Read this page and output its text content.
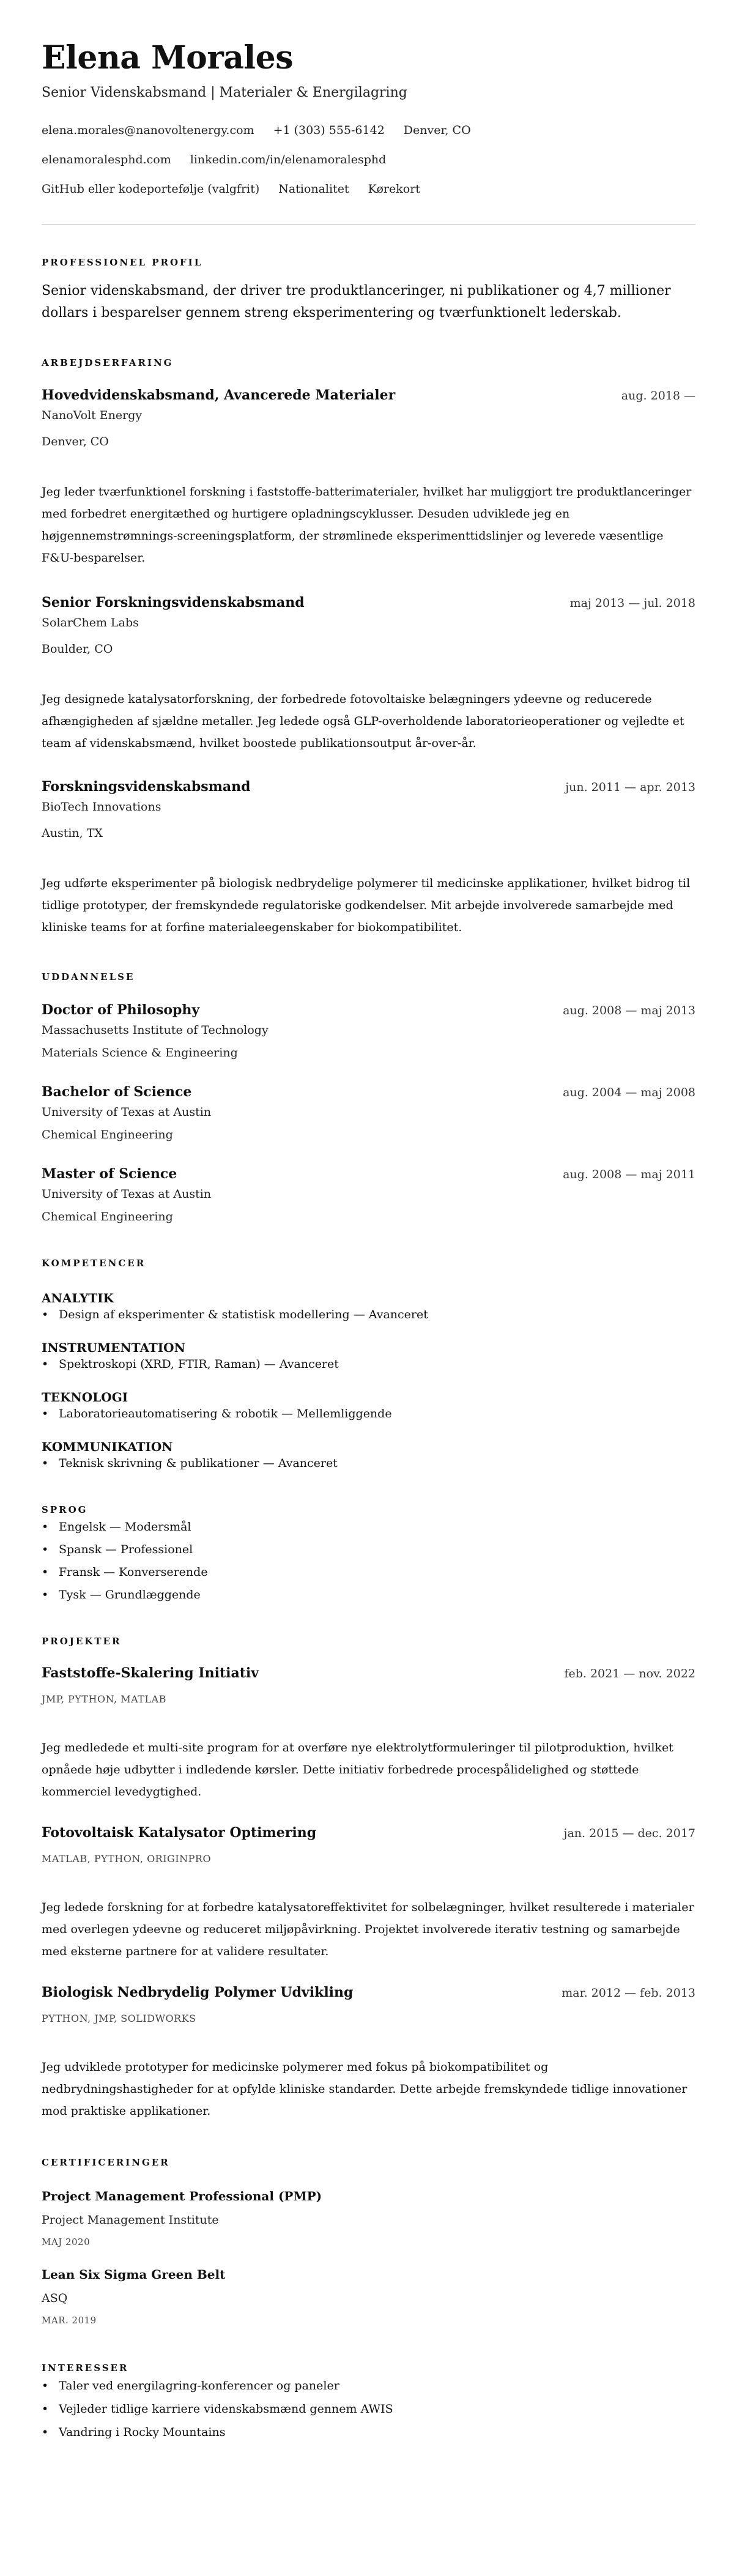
Elena Morales
Senior Videnskabsmand | Materialer & Energilagring
elena.morales@nanovoltenergy.com +1 (303) 555-6142 Denver, CO
elenamoralesphd.com linkedin.com/in/elenamoralesphd
GitHub eller kodeportefølje (valgfrit) Nationalitet Kørekort
PROFESSIONEL PROFIL

Senior videnskabsmand, der driver tre produktlanceringer, ni publikationer og 4,7 millioner dollars i besparelser gennem streng eksperimentering og tværfunktionelt lederskab.

ARBEJDSERFARING
Hovedvidenskabsmand, Avancerede Materialer	aug. 2018 —
NanoVolt Energy
Denver, CO
Jeg leder tværfunktionel forskning i faststoffe-batterimaterialer, hvilket har muliggjort tre produktlanceringer med forbedret energitæthed og hurtigere opladningscyklusser. Desuden udviklede jeg en højgennemstrømnings-screeningsplatform, der strømlinede eksperimenttidslinjer og leverede væsentlige F&U-besparelser.
Senior Forskningsvidenskabsmand	maj 2013 — jul. 2018
SolarChem Labs
Boulder, CO
Jeg designede katalysatorforskning, der forbedrede fotovoltaiske belægningers ydeevne og reducerede afhængigheden af sjældne metaller. Jeg ledede også GLP-overholdende laboratorieoperationer og vejledte et team af videnskabsmænd, hvilket boostede publikationsoutput år-over-år.
Forskningsvidenskabsmand	jun. 2011 — apr. 2013
BioTech Innovations
Austin, TX
Jeg udførte eksperimenter på biologisk nedbrydelige polymerer til medicinske applikationer, hvilket bidrog til tidlige prototyper, der fremskyndede regulatoriske godkendelser. Mit arbejde involverede samarbejde med kliniske teams for at forfine materialeegenskaber for biokompatibilitet.
UDDANNELSE
Doctor of Philosophy	aug. 2008 — maj 2013
Massachusetts Institute of Technology
Materials Science & Engineering
Bachelor of Science	aug. 2004 — maj 2008
University of Texas at Austin
Chemical Engineering
Master of Science	aug. 2008 — maj 2011
University of Texas at Austin
Chemical Engineering
KOMPETENCER
ANALYTIK
• Design af eksperimenter & statistisk modellering — Avanceret
INSTRUMENTATION
• Spektroskopi (XRD, FTIR, Raman) — Avanceret
TEKNOLOGI
• Laboratorieautomatisering & robotik — Mellemliggende
KOMMUNIKATION
• Teknisk skrivning & publikationer — Avanceret
SPROG
• Engelsk — Modersmål
• Spansk — Professionel
• Fransk — Konverserende
• Tysk — Grundlæggende
PROJEKTER
Faststoffe-Skalering Initiativ	feb. 2021 — nov. 2022
JMP, PYTHON, MATLAB
Jeg medledede et multi-site program for at overføre nye elektrolytformuleringer til pilotproduktion, hvilket opnåede høje udbytter i indledende kørsler. Dette initiativ forbedrede procespålidelighed og støttede kommerciel levedygtighed.
Fotovoltaisk Katalysator Optimering	jan. 2015 — dec. 2017
MATLAB, PYTHON, ORIGINPRO
Jeg ledede forskning for at forbedre katalysatoreffektivitet for solbelægninger, hvilket resulterede i materialer med overlegen ydeevne og reduceret miljøpåvirkning. Projektet involverede iterativ testning og samarbejde med eksterne partnere for at validere resultater.
Biologisk Nedbrydelig Polymer Udvikling	mar. 2012 — feb. 2013
PYTHON, JMP, SOLIDWORKS
Jeg udviklede prototyper for medicinske polymerer med fokus på biokompatibilitet og nedbrydningshastigheder for at opfylde kliniske standarder. Dette arbejde fremskyndede tidlige innovationer mod praktiske applikationer.
CERTIFICERINGER
Project Management Professional (PMP)
Project Management Institute
MAJ 2020
Lean Six Sigma Green Belt
ASQ
MAR. 2019
INTERESSER
• Taler ved energilagring-konferencer og paneler
• Vejleder tidlige karriere videnskabsmænd gennem AWIS
• Vandring i Rocky Mountains
